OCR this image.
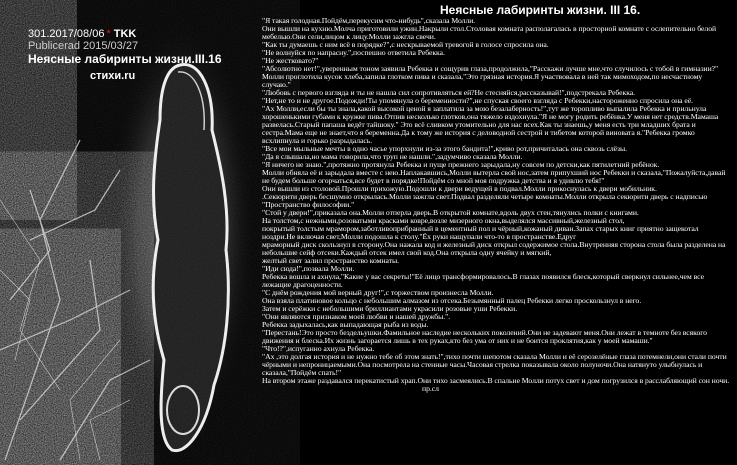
301.2017/08/06 * TKK
Publicerad 2015/03/27
Неясные лабиринты жизни.III.16
стихи.ru
Неясные лабиринты жизни. III 16.

"Я такая голодная.Пойдём,перекусим что-нибудь",сказала Молли.

Они вышли на кухню.Молча приготовили ужин.Накрыли стол.Столовая комната располагалась в просторной комнате с ослепительно белой мебелью.Они сели,лицом к лицу.Молли зажгла свечи.

"Как ты думаешь с ним всё в порядке?",с нескрываемой тревогой в голосе спросила она.

"Не волнуйся по напрасну.",поспешно ответила Ребекка.

"Не жестковато?"

"Абсолютно нет!",уверенным тоном заявила Ребекка и сощурив глаза,продолжила,"Расскажи лучше мне,что случилось с тобой в гимназии?"

Молли проглотила кусок хлеба,запила глотком пива и сказала,"Это грязная история.Я участвовала в ней так мимоходом,по несчастному случаю."

"Любовь с первого взгляда и ты не нашла сил сопротивляться ей?Не стесняйся,рассказывай!",подстрекала Ребекка.

"Нет,не то и не другое.Подожди!Ты упомянула о беременности?",не спуская своего взгляда с Ребекки,настороженно спросила она её.

"Ах Молли,если бы ты знала,какой высокой ценой я заплатила за мою безалаберность!",тут же торопливо выпалила Ребекка и прильнула хорошенькими губами к кружке пива.Отпив несколько глотков,она тяжело вздохнула."Я не могу родить ребёнка.У меня нет средств.Мамаша развелась.Старый папаша ведёт тайшоку." Это всё сливком утомительно для нас всех.Как ты знаешь,у меня есть три младших брата и сестра.Мама еще не знает,что я беременна.Да к тому же история с деловодной сестрой и тибетом которой виновата я."Ребекка громко всхлипнула и горько разрыдалась.

"Все мои мыльные мечты в одно часье упорхнули из-за этого бандита!",криво рот,причиталась она сквозь слёзы.

"Да я слышала,но мама говорила,что труп не нашли.",задумчиво сказала Молли.

"Я ничего не знаю.",протяжно протянула Ребекка и пуще прежнего зарыдала,ну совсем по детски,как пятилетний ребёнок.

Молли обняла её и зарыдала вместе с нею.Наплакавшись,Молли вытерла свой нос,затем припухший нос Ребекки и сказала,"Пожалуйста,давай не будем больше огорчаться,все будет в порядке!Пойдём со мной моя подружка детства и я удивлю тебя!"

Они вышли из столовой.Прошли прихожую.Подошли к двери ведущей в подвал.Молли прикоснулась к двери мобильник.

.Секюрити дверь бесшумно открылась.Молли зажгла свет.Подвал разделяли четыре комнаты.Молли открыла секюрити дверь с надписью "Пространство философии."

"Стой у двери!",приказала она.Молли отперла дверь.В открытой комнате,вдоль двух стен,тянулись полки с книгами.

На толстом,с нежными,розоватыми красками ковре,возле мизерного окна,выделялся массивный,железный стол,

покрытый толстым мрамором,заботливоприбранный в цементный пол и чёрный,кожаный диван.Запах старых книг приятно защекотал ноздри.Не включая свет,Молли подошла к столу."Ёх руки нащупали что-то в пространстве.Едруг

мраморный диск скользнул в сторону.Она нажала код и железный диск открыл содержимое стола.Внутренняя сторона стола была разделена на небольшие сейф отсеки.Каждый отсек имел свой код.Она открыла одну ячейку и мягкий,

желтый свет залил пространство комнаты.

"Иди сюда!",позвала Молли.

Ребекка вошла и ахнула,"Какие у вас секреты!"Её лицо трансформировалось.В глазах появился блеск,который сверкнул сильнее,чем все лежащие драгоценности.

"С днём рождения мой верный друг!",с торжеством произнесла Молли.

Она взяла платиновое кольцо с небольшим алмазом из отсека.Безымянный палец Ребекки легко проскользнул в него.

Затем и серёжки с небольшими бриллиантами украсили розовые уши Ребекки.

"Они являются признаком моей любви и нашей дружбы.".

Ребекка задыхалась,как выпадающая рыба из воды.

"Перестань!Это просто бездельушки.Фамильное наследие нескольких поколений.Они не задевают меня.Они лежат в темноте без всякого движения и блеска.Их жизнь загорается лишь в тех руках,кто без ума от них и не боится проклятия,как у моей мамаши."

"Что!?",испуганно ахнула Ребекка.

"Ах ,это долгая история и не нужно тебе об этом знать!",тихо почти шепотом сказала Молли и её серозелёные глаза потемнели,они стали почти чёрными и непроницаемыми.Она посмотрела на стенные часы.Часовая стрелка показывала около полуночи.Она натянуто улыбнулась и сказала,"Пойдём спать!"

На втором этаже раздавался перекатистый храп.Они тихо засмеялись.В спальне Молли потух свет и дом погрузился в расслабляющий сон ночи. пр.сл
